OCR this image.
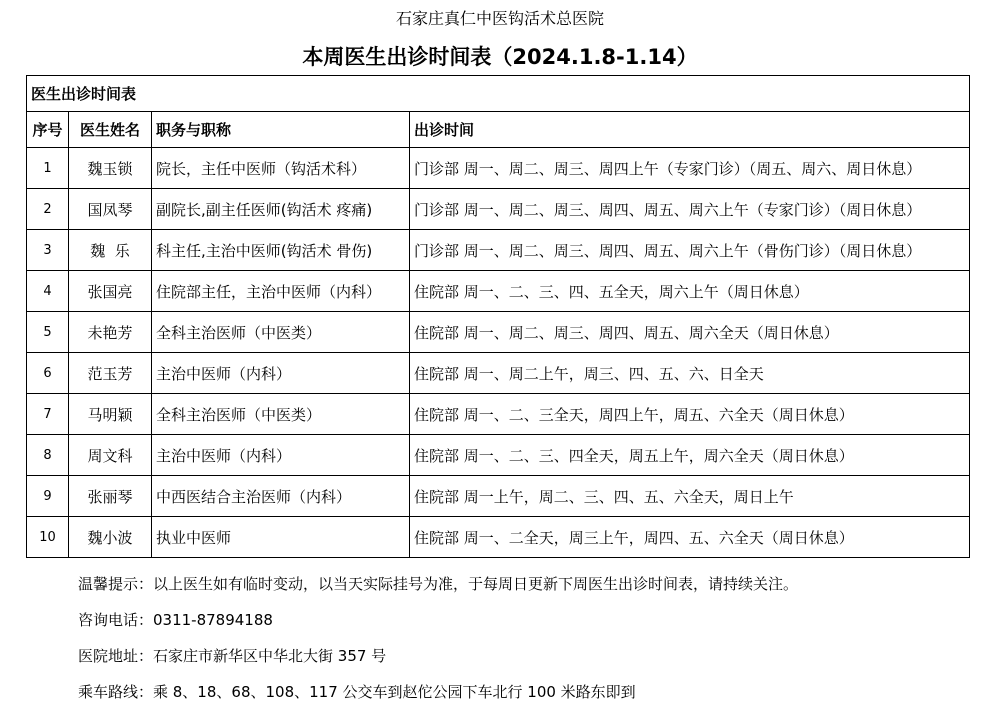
石家庄真仁中医钩活术总医院
本周医生出诊时间表（2024.1.8-1.14）
医生出诊时间表			
序号	医生姓名	职务与职称	出诊时间
1	魏玉锁	院长，主任中医师（钩活术科）	门诊部 周一、周二、周三、周四上午（专家门诊）（周五、周六、周日休息）
2	国凤琴	副院长,副主任医师(钩活术 疼痛)	门诊部 周一、周二、周三、周四、周五、周六上午（专家门诊）（周日休息）
3	魏  乐	科主任,主治中医师(钩活术 骨伤)	门诊部 周一、周二、周三、周四、周五、周六上午（骨伤门诊）（周日休息）
4	张国亮	住院部主任，主治中医师（内科）	住院部 周一、二、三、四、五全天，周六上午（周日休息）
5	未艳芳	全科主治医师（中医类）	住院部 周一、周二、周三、周四、周五、周六全天（周日休息）
6	范玉芳	主治中医师（内科）	住院部 周一、周二上午，周三、四、五、六、日全天
7	马明颖	全科主治医师（中医类）	住院部 周一、二、三全天，周四上午，周五、六全天（周日休息）
8	周文科	主治中医师（内科）	住院部 周一、二、三、四全天，周五上午，周六全天（周日休息）
9	张丽琴	中西医结合主治医师（内科）	住院部 周一上午，周二、三、四、五、六全天，周日上午
10	魏小波	执业中医师	住院部 周一、二全天，周三上午，周四、五、六全天（周日休息）
温馨提示：以上医生如有临时变动，以当天实际挂号为准，于每周日更新下周医生出诊时间表，请持续关注。
咨询电话：0311-87894188
医院地址：石家庄市新华区中华北大街 357 号
乘车路线：乘 8、18、68、108、117 公交车到赵佗公园下车北行 100 米路东即到
